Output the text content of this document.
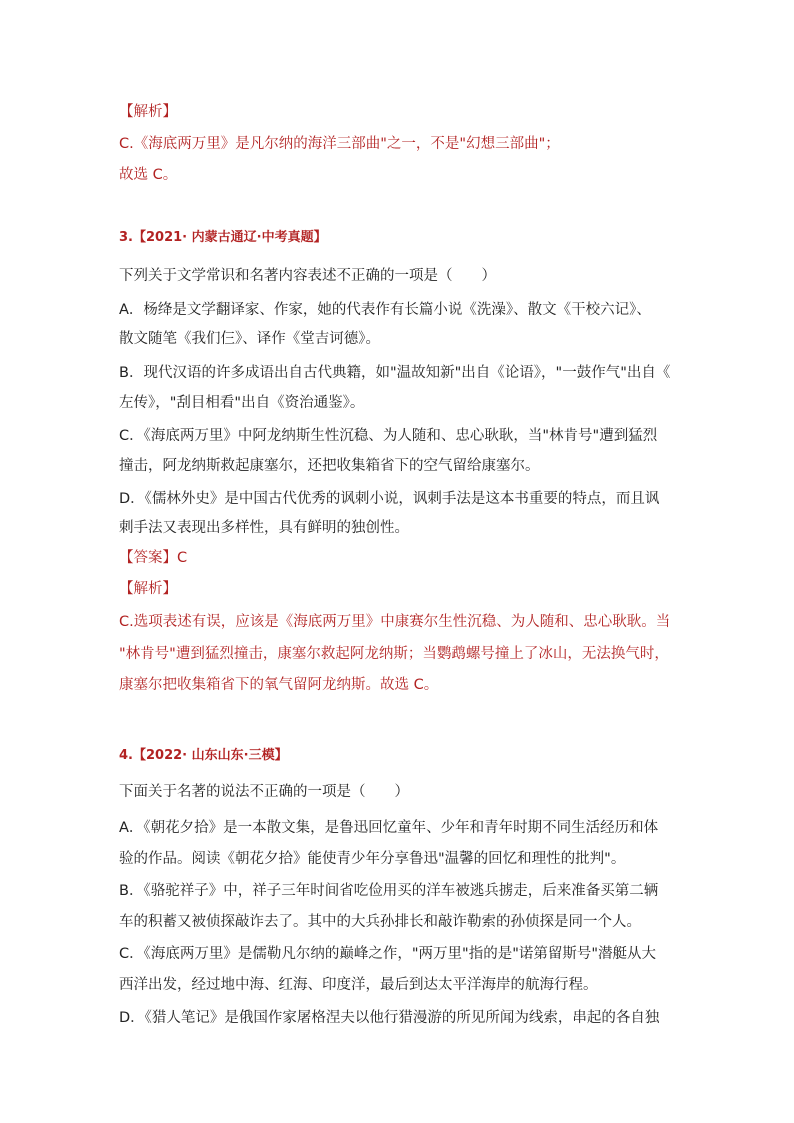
【解析】
C.《海底两万里》是凡尔纳的海洋三部曲"之一，不是"幻想三部曲"；
故选 C。
3.【2021· 内蒙古通辽·中考真题】
下列关于文学常识和名著内容表述不正确的一项是（　　）
A．杨绛是文学翻译家、作家，她的代表作有长篇小说《洗澡》、散文《干校六记》、
散文随笔《我们仨》、译作《堂吉诃德》。
B．现代汉语的许多成语出自古代典籍，如"温故知新"出自《论语》，"一鼓作气"出自《
左传》，"刮目相看"出自《资治通鉴》。
C．《海底两万里》中阿龙纳斯生性沉稳、为人随和、忠心耿耿，当"林肯号"遭到猛烈
撞击，阿龙纳斯救起康塞尔，还把收集箱省下的空气留给康塞尔。
D．《儒林外史》是中国古代优秀的讽刺小说，讽刺手法是这本书重要的特点，而且讽
刺手法又表现出多样性，具有鲜明的独创性。
【答案】C
【解析】
C.选项表述有误，应该是《海底两万里》中康赛尔生性沉稳、为人随和、忠心耿耿。当
"林肯号"遭到猛烈撞击，康塞尔救起阿龙纳斯；当鹦鹉螺号撞上了冰山，无法换气时，
康塞尔把收集箱省下的氧气留阿龙纳斯。故选 C。
4.【2022· 山东山东·三模】
下面关于名著的说法不正确的一项是（　　）
A．《朝花夕拾》是一本散文集，是鲁迅回忆童年、少年和青年时期不同生活经历和体
验的作品。阅读《朝花夕拾》能使青少年分享鲁迅"温馨的回忆和理性的批判"。
B．《骆驼祥子》中，祥子三年时间省吃俭用买的洋车被逃兵掳走，后来准备买第二辆
车的积蓄又被侦探敲诈去了。其中的大兵孙排长和敲诈勒索的孙侦探是同一个人。
C．《海底两万里》是儒勒凡尔纳的巅峰之作，"两万里"指的是"诺第留斯号"潜艇从大
西洋出发，经过地中海、红海、印度洋，最后到达太平洋海岸的航海行程。
D．《猎人笔记》是俄国作家屠格涅夫以他行猎漫游的所见所闻为线索，串起的各自独
